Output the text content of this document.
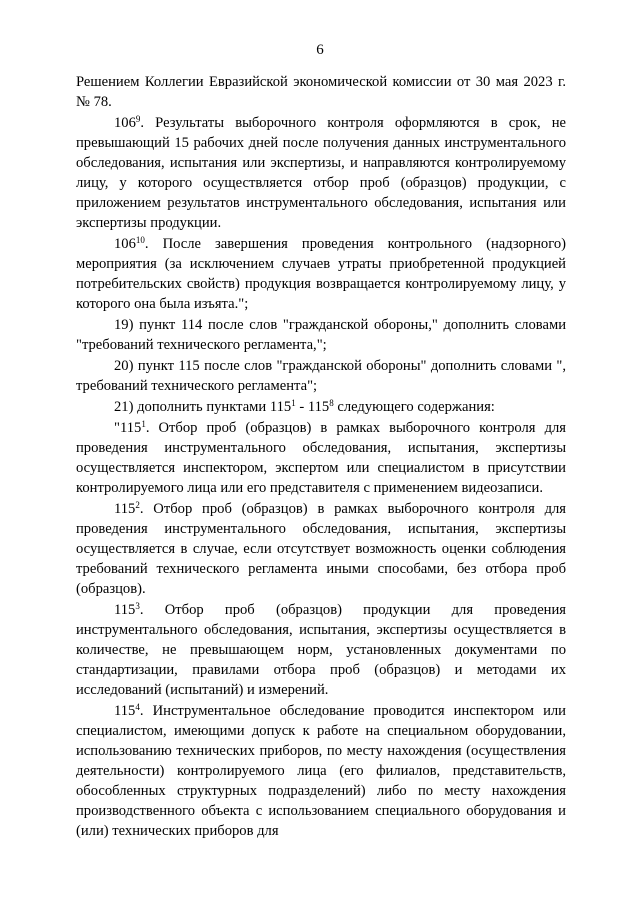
6

Решением Коллегии Евразийской экономической комиссии от 30 мая 2023 г. № 78.

$106^9$. Результаты выборочного контроля оформляются в срок, не превышающий 15 рабочих дней после получения данных инструментального обследования, испытания или экспертизы, и направляются контролируемому лицу, у которого осуществляется отбор проб (образцов) продукции, с приложением результатов инструментального обследования, испытания или экспертизы продукции.

$106^{10}$. После завершения проведения контрольного (надзорного) мероприятия (за исключением случаев утраты приобретенной продукцией потребительских свойств) продукция возвращается контролируемому лицу, у которого она была изъята.";

19) пункт 114 после слов "гражданской обороны," дополнить словами "требований технического регламента,";

20) пункт 115 после слов "гражданской обороны" дополнить словами ", требований технического регламента";

21) дополнить пунктами $115^1 - 115^8$ следующего содержания:

"$115^1$. Отбор проб (образцов) в рамках выборочного контроля для проведения инструментального обследования, испытания, экспертизы осуществляется инспектором, экспертом или специалистом в присутствии контролируемого лица или его представителя с применением видеозаписи.

$115^2$. Отбор проб (образцов) в рамках выборочного контроля для проведения инструментального обследования, испытания, экспертизы осуществляется в случае, если отсутствует возможность оценки соблюдения требований технического регламента иными способами, без отбора проб (образцов).

$115^3$. Отбор проб (образцов) продукции для проведения инструментального обследования, испытания, экспертизы осуществляется в количестве, не превышающем норм, установленных документами по стандартизации, правилами отбора проб (образцов) и методами их исследований (испытаний) и измерений.

$115^4$. Инструментальное обследование проводится инспектором или специалистом, имеющими допуск к работе на специальном оборудовании, использованию технических приборов, по месту нахождения (осуществления деятельности) контролируемого лица (его филиалов, представительств, обособленных структурных подразделений) либо по месту нахождения производственного объекта с использованием специального оборудования и (или) технических приборов для
